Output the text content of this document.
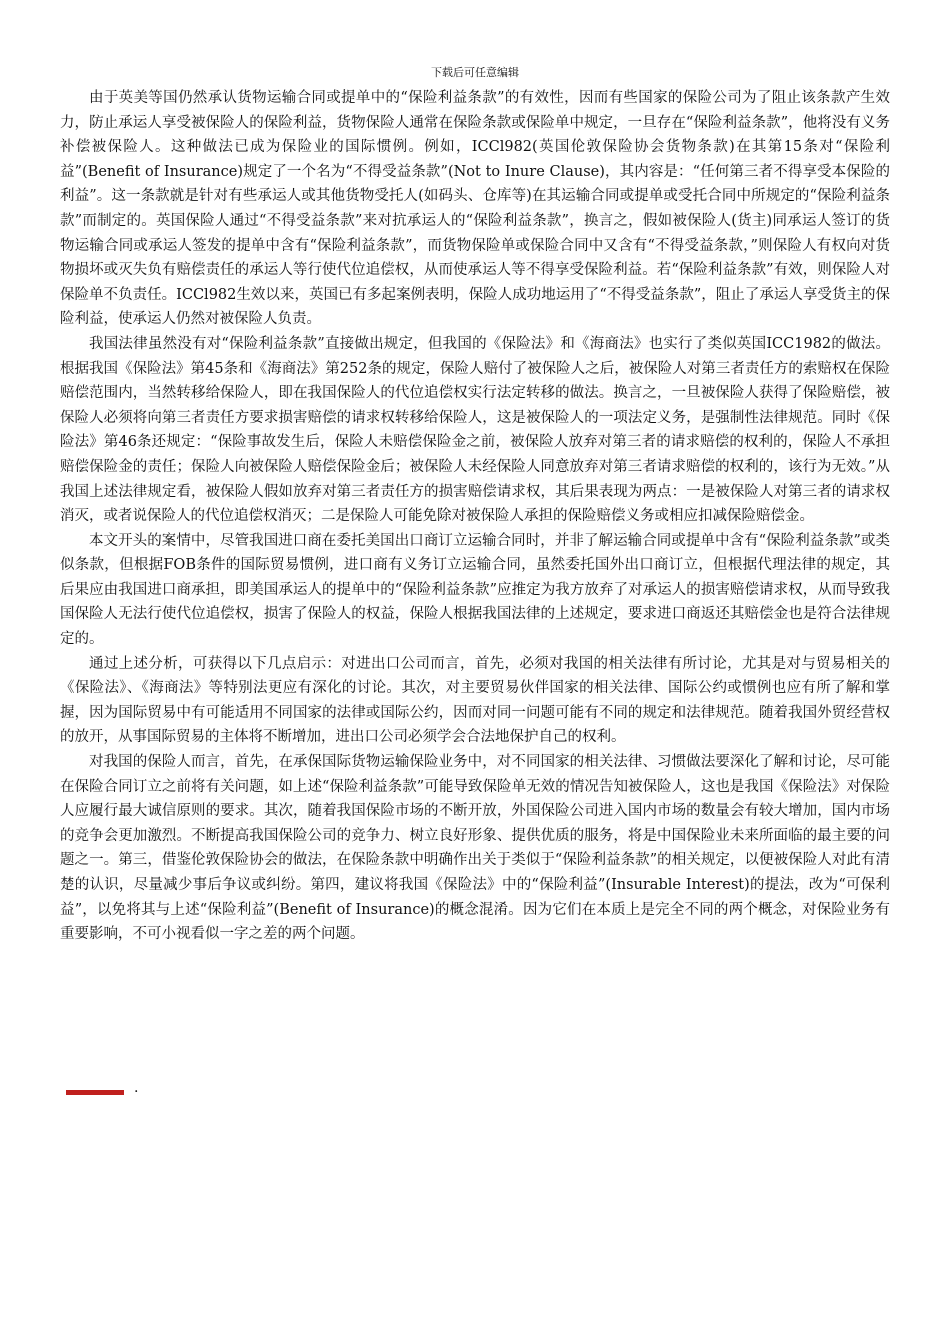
下载后可任意编辑

由于英美等国仍然承认货物运输合同或提单中的“保险利益条款”的有效性，因而有些国家的保险公司为了阻止该条款产生效力，防止承运人享受被保险人的保险利益，货物保险人通常在保险条款或保险单中规定，一旦存在“保险利益条款”，他将没有义务补偿被保险人。这种做法已成为保险业的国际惯例。例如，ICCl982(英国伦敦保险协会货物条款)在其第15条对“保险利益”(Benefit of Insurance)规定了一个名为“不得受益条款”(Not to Inure Clause)，其内容是：“任何第三者不得享受本保险的利益”。这一条款就是针对有些承运人或其他货物受托人(如码头、仓库等)在其运输合同或提单或受托合同中所规定的“保险利益条款”而制定的。英国保险人通过“不得受益条款”来对抗承运人的“保险利益条款”，换言之，假如被保险人(货主)同承运人签订的货物运输合同或承运人签发的提单中含有“保险利益条款”，而货物保险单或保险合同中又含有“不得受益条款，”则保险人有权向对货物损坏或灭失负有赔偿责任的承运人等行使代位追偿权，从而使承运人等不得享受保险利益。若“保险利益条款”有效，则保险人对保险单不负责任。ICCl982生效以来，英国已有多起案例表明，保险人成功地运用了“不得受益条款”，阻止了承运人享受货主的保险利益，使承运人仍然对被保险人负责。

我国法律虽然没有对“保险利益条款”直接做出规定，但我国的《保险法》和《海商法》也实行了类似英国ICC1982的做法。根据我国《保险法》第45条和《海商法》第252条的规定，保险人赔付了被保险人之后，被保险人对第三者责任方的索赔权在保险赔偿范围内，当然转移给保险人，即在我国保险人的代位追偿权实行法定转移的做法。换言之，一旦被保险人获得了保险赔偿，被保险人必须将向第三者责任方要求损害赔偿的请求权转移给保险人，这是被保险人的一项法定义务，是强制性法律规范。同时《保险法》第46条还规定：“保险事故发生后，保险人未赔偿保险金之前，被保险人放弃对第三者的请求赔偿的权利的，保险人不承担赔偿保险金的责任；保险人向被保险人赔偿保险金后；被保险人未经保险人同意放弃对第三者请求赔偿的权利的，该行为无效。”从我国上述法律规定看，被保险人假如放弃对第三者责任方的损害赔偿请求权，其后果表现为两点：一是被保险人对第三者的请求权消灭，或者说保险人的代位追偿权消灭；二是保险人可能免除对被保险人承担的保险赔偿义务或相应扣减保险赔偿金。

本文开头的案情中，尽管我国进口商在委托美国出口商订立运输合同时，并非了解运输合同或提单中含有“保险利益条款”或类似条款，但根据FOB条件的国际贸易惯例，进口商有义务订立运输合同，虽然委托国外出口商订立，但根据代理法律的规定，其后果应由我国进口商承担，即美国承运人的提单中的“保险利益条款”应推定为我方放弃了对承运人的损害赔偿请求权，从而导致我国保险人无法行使代位追偿权，损害了保险人的权益，保险人根据我国法律的上述规定，要求进口商返还其赔偿金也是符合法律规定的。

通过上述分析，可获得以下几点启示：对进出口公司而言，首先，必须对我国的相关法律有所讨论，尤其是对与贸易相关的《保险法》、《海商法》等特别法更应有深化的讨论。其次，对主要贸易伙伴国家的相关法律、国际公约或惯例也应有所了解和掌握，因为国际贸易中有可能适用不同国家的法律或国际公约，因而对同一问题可能有不同的规定和法律规范。随着我国外贸经营权的放开，从事国际贸易的主体将不断增加，进出口公司必须学会合法地保护自己的权利。

对我国的保险人而言，首先，在承保国际货物运输保险业务中，对不同国家的相关法律、习惯做法要深化了解和讨论，尽可能在保险合同订立之前将有关问题，如上述“保险利益条款”可能导致保险单无效的情况告知被保险人，这也是我国《保险法》对保险人应履行最大诚信原则的要求。其次，随着我国保险市场的不断开放，外国保险公司进入国内市场的数量会有较大增加，国内市场的竞争会更加激烈。不断提高我国保险公司的竞争力、树立良好形象、提供优质的服务，将是中国保险业未来所面临的最主要的问题之一。第三，借鉴伦敦保险协会的做法，在保险条款中明确作出关于类似于“保险利益条款”的相关规定，以便被保险人对此有清楚的认识，尽量减少事后争议或纠纷。第四，建议将我国《保险法》中的“保险利益”(Insurable Interest)的提法，改为“可保利益”，以免将其与上述“保险利益”(Benefit of Insurance)的概念混淆。因为它们在本质上是完全不同的两个概念，对保险业务有重要影响，不可小视看似一字之差的两个问题。

.
